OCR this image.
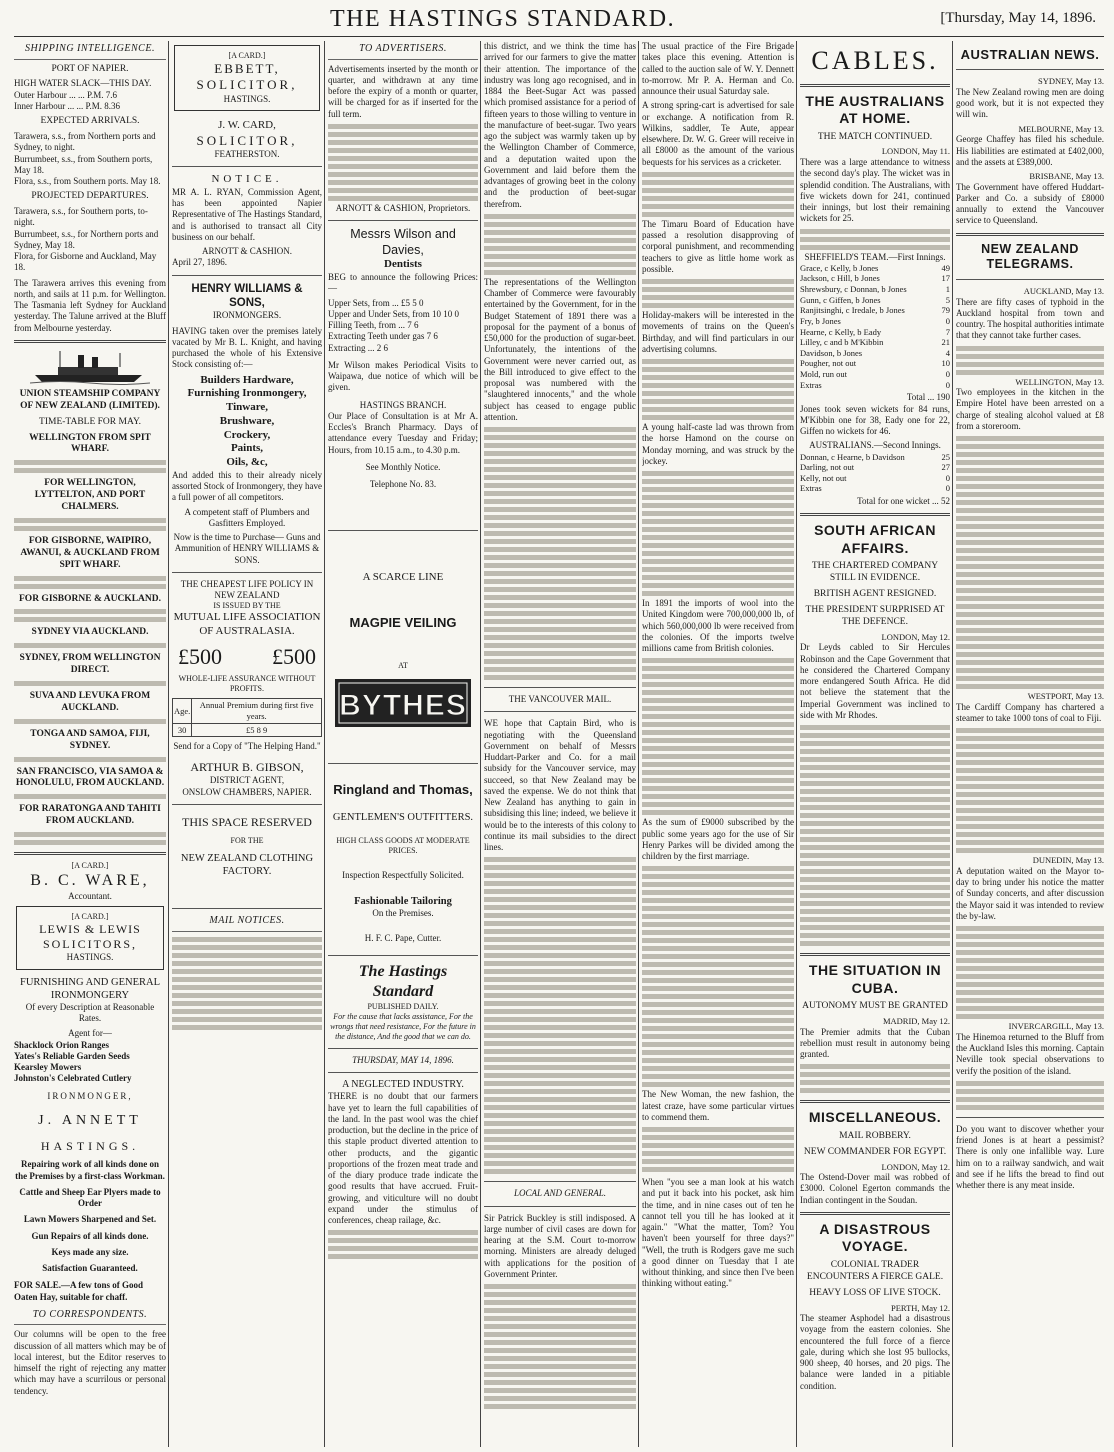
THE HASTINGS STANDARD.	[Thursday, May 14, 1896.
SHIPPING INTELLIGENCE.
PORT OF NAPIER.
HIGH WATER SLACK—THIS DAY.
Outer Harbour ... ... P.M. 7.6
Inner Harbour ... ... P.M. 8.36
EXPECTED ARRIVALS.
Tarawera, s.s., from Northern ports and Sydney, to night.
Burrumbeet, s.s., from Southern ports, May 18.
Flora, s.s., from Southern ports. May 18.
PROJECTED DEPARTURES.
Tarawera, s.s., for Southern ports, to-night.
Burrumbeet, s.s., for Northern ports and Sydney, May 18.
Flora, for Gisborne and Auckland, May 18.

The Tarawera arrives this evening from north, and sails at 11 p.m. for Wellington. The Tasmania left Sydney for Auckland yesterday. The Talune arrived at the Bluff from Melbourne yesterday.

UNION STEAMSHIP COMPANY OF NEW ZEALAND (LIMITED).
TIME-TABLE FOR MAY.
WELLINGTON FROM SPIT WHARF.
FOR WELLINGTON, LYTTELTON, AND PORT CHALMERS.
FOR GISBORNE, WAIPIRO, AWANUI, & AUCKLAND FROM SPIT WHARF.
FOR GISBORNE & AUCKLAND.
SYDNEY VIA AUCKLAND.
SYDNEY, FROM WELLINGTON DIRECT.
SUVA AND LEVUKA FROM AUCKLAND.
TONGA AND SAMOA, FIJI, SYDNEY.
SAN FRANCISCO, VIA SAMOA & HONOLULU, FROM AUCKLAND.
FOR RARATONGA AND TAHITI FROM AUCKLAND.
[A CARD.]
B. C. WARE,
Accountant.
[A CARD.]
LEWIS & LEWIS
SOLICITORS,
HASTINGS.
FURNISHING AND GENERAL IRONMONGERY
Of every Description at Reasonable Rates.
Agent for—
Shacklock Orion Ranges
Yates's Reliable Garden Seeds
Kearsley Mowers
Johnston's Celebrated Cutlery
IRONMONGER,
J. ANNETT
HASTINGS.
Repairing work of all kinds done on the Premises by a first-class Workman.
Cattle and Sheep Ear Plyers made to Order
Lawn Mowers Sharpened and Set.
Gun Repairs of all kinds done.
Keys made any size.
Satisfaction Guaranteed.
FOR SALE.—A few tons of Good Oaten Hay, suitable for chaff.
TO CORRESPONDENTS.

Our columns will be open to the free discussion of all matters which may be of local interest, but the Editor reserves to himself the right of rejecting any matter which may have a scurrilous or personal tendency.

[A CARD.]
EBBETT,
SOLICITOR,
HASTINGS.
J. W. CARD,
SOLICITOR,
FEATHERSTON.
NOTICE.

MR A. L. RYAN, Commission Agent, has been appointed Napier Representative of The Hastings Standard, and is authorised to transact all City business on our behalf.

ARNOTT & CASHION.
April 27, 1896.
HENRY WILLIAMS & SONS,
IRONMONGERS.

HAVING taken over the premises lately vacated by Mr B. L. Knight, and having purchased the whole of his Extensive Stock consisting of:—

Builders Hardware,
Furnishing Ironmongery,
Tinware,
Brushware,
Crockery,
Paints,
Oils, &c,

And added this to their already nicely assorted Stock of Ironmongery, they have a full power of all competitors.

A competent staff of Plumbers and Gasfitters Employed.

Now is the time to Purchase— Guns and Ammunition of HENRY WILLIAMS & SONS.

THE CHEAPEST LIFE POLICY IN NEW ZEALAND
IS ISSUED BY THE
MUTUAL LIFE ASSOCIATION OF AUSTRALASIA.
£500 £500
WHOLE-LIFE ASSURANCE WITHOUT PROFITS.
Age.	Annual Premium during first five years.
30	£5 8 9
Send for a Copy of "The Helping Hand."
ARTHUR B. GIBSON,
DISTRICT AGENT,
ONSLOW CHAMBERS, NAPIER.
THIS SPACE RESERVED
FOR THE
NEW ZEALAND CLOTHING FACTORY.
MAIL NOTICES.
TO ADVERTISERS.

Advertisements inserted by the month or quarter, and withdrawn at any time before the expiry of a month or quarter, will be charged for as if inserted for the full term.

ARNOTT & CASHION, Proprietors.
Messrs Wilson and Davies,
Dentists

BEG to announce the following Prices:—

Upper Sets, from ... £5 5 0
Upper and Under Sets, from 10 10 0
Filling Teeth, from ... 7 6
Extracting Teeth under gas 7 6
Extracting ... 2 6

Mr Wilson makes Periodical Visits to Waipawa, due notice of which will be given.

HASTINGS BRANCH.

Our Place of Consultation is at Mr A. Eccles's Branch Pharmacy. Days of attendance every Tuesday and Friday; Hours, from 10.15 a.m., to 4.30 p.m.

See Monthly Notice.
Telephone No. 83.
A SCARCE LINE
MAGPIE VEILING
AT
BYTHES
Ringland and Thomas,
GENTLEMEN'S OUTFITTERS.
HIGH CLASS GOODS AT MODERATE PRICES.
Inspection Respectfully Solicited.
Fashionable Tailoring
On the Premises.
H. F. C. Pape, Cutter.
The Hastings Standard
PUBLISHED DAILY.
For the cause that lacks assistance, For the wrongs that need resistance, For the future in the distance, And the good that we can do.
THURSDAY, MAY 14, 1896.
A NEGLECTED INDUSTRY.

THERE is no doubt that our farmers have yet to learn the full capabilities of the land. In the past wool was the chief production, but the decline in the price of this staple product diverted attention to other products, and the gigantic proportions of the frozen meat trade and of the diary produce trade indicate the good results that have accrued. Fruit-growing, and viticulture will no doubt expand under the stimulus of conferences, cheap railage, &c.

this district, and we think the time has arrived for our farmers to give the matter their attention. The importance of the industry was long ago recognised, and in 1884 the Beet-Sugar Act was passed which promised assistance for a period of fifteen years to those willing to venture in the manufacture of beet-sugar. Two years ago the subject was warmly taken up by the Wellington Chamber of Commerce, and a deputation waited upon the Government and laid before them the advantages of growing beet in the colony and the production of beet-sugar therefrom.

The representations of the Wellington Chamber of Commerce were favourably entertained by the Government, for in the Budget Statement of 1891 there was a proposal for the payment of a bonus of £50,000 for the production of sugar-beet. Unfortunately, the intentions of the Government were never carried out, as the Bill introduced to give effect to the proposal was numbered with the "slaughtered innocents," and the whole subject has ceased to engage public attention.

THE VANCOUVER MAIL.

WE hope that Captain Bird, who is negotiating with the Queensland Government on behalf of Messrs Huddart-Parker and Co. for a mail subsidy for the Vancouver service, may succeed, so that New Zealand may be saved the expense. We do not think that New Zealand has anything to gain in subsidising this line; indeed, we believe it would be to the interests of this colony to continue its mail subsidies to the direct lines.

LOCAL AND GENERAL.

Sir Patrick Buckley is still indisposed. A large number of civil cases are down for hearing at the S.M. Court to-morrow morning. Ministers are already deluged with applications for the position of Government Printer.

The usual practice of the Fire Brigade takes place this evening. Attention is called to the auction sale of W. Y. Dennett to-morrow. Mr P. A. Herman and Co. announce their usual Saturday sale.

A strong spring-cart is advertised for sale or exchange. A notification from R. Wilkins, saddler, Te Aute, appear elsewhere. Dr. W. G. Greer will receive in all £8000 as the amount of the various bequests for his services as a cricketer.

The Timaru Board of Education have passed a resolution disapproving of corporal punishment, and recommending teachers to give as little home work as possible.

Holiday-makers will be interested in the movements of trains on the Queen's Birthday, and will find particulars in our advertising columns.

A young half-caste lad was thrown from the horse Hamond on the course on Monday morning, and was struck by the jockey.

In 1891 the imports of wool into the United Kingdom were 700,000,000 lb, of which 560,000,000 lb were received from the colonies. Of the imports twelve millions came from British colonies.

As the sum of £9000 subscribed by the public some years ago for the use of Sir Henry Parkes will be divided among the children by the first marriage.

The New Woman, the new fashion, the latest craze, have some particular virtues to commend them.

When "you see a man look at his watch and put it back into his pocket, ask him the time, and in nine cases out of ten he cannot tell you till he has looked at it again." "What the matter, Tom? You haven't been yourself for three days?" "Well, the truth is Rodgers gave me such a good dinner on Tuesday that I ate without thinking, and since then I've been thinking without eating."

CABLES.
THE AUSTRALIANS AT HOME.
THE MATCH CONTINUED.
LONDON, May 11.

There was a large attendance to witness the second day's play. The wicket was in splendid condition. The Australians, with five wickets down for 241, continued their innings, but lost their remaining wickets for 25.

SHEFFIELD'S TEAM.—First Innings.
Grace, c Kelly, b Jones	49
Jackson, c Hill, b Jones	17
Shrewsbury, c Donnan, b Jones	1
Gunn, c Giffen, b Jones	5
Ranjitsinghi, c Iredale, b Jones	79
Fry, b Jones	0
Hearne, c Kelly, b Eady	7
Lilley, c and b M'Kibbin	21
Davidson, b Jones	4
Pougher, not out	10
Mold, run out	0
Extras	0
Total ... 190

Jones took seven wickets for 84 runs, M'Kibbin one for 38, Eady one for 22, Giffen no wickets for 46.

AUSTRALIANS.—Second Innings.
Donnan, c Hearne, b Davidson	25
Darling, not out	27
Kelly, not out	0
Extras	0
Total for one wicket ... 52
SOUTH AFRICAN AFFAIRS.
THE CHARTERED COMPANY STILL IN EVIDENCE.
BRITISH AGENT RESIGNED.
THE PRESIDENT SURPRISED AT THE DEFENCE.
LONDON, May 12.

Dr Leyds cabled to Sir Hercules Robinson and the Cape Government that he considered the Chartered Company more endangered South Africa. He did not believe the statement that the Imperial Government was inclined to side with Mr Rhodes.

THE SITUATION IN CUBA.
AUTONOMY MUST BE GRANTED
MADRID, May 12.

The Premier admits that the Cuban rebellion must result in autonomy being granted.

MISCELLANEOUS.
MAIL ROBBERY.
NEW COMMANDER FOR EGYPT.
LONDON, May 12.

The Ostend-Dover mail was robbed of £3000. Colonel Egerton commands the Indian contingent in the Soudan.

A DISASTROUS VOYAGE.
COLONIAL TRADER ENCOUNTERS A FIERCE GALE.
HEAVY LOSS OF LIVE STOCK.
PERTH, May 12.

The steamer Asphodel had a disastrous voyage from the eastern colonies. She encountered the full force of a fierce gale, during which she lost 95 bullocks, 900 sheep, 40 horses, and 20 pigs. The balance were landed in a pitiable condition.

AUSTRALIAN NEWS.
SYDNEY, May 13.

The New Zealand rowing men are doing good work, but it is not expected they will win.

MELBOURNE, May 13.

George Chaffey has filed his schedule. His liabilities are estimated at £402,000, and the assets at £389,000.

BRISBANE, May 13.

The Government have offered Huddart-Parker and Co. a subsidy of £8000 annually to extend the Vancouver service to Queensland.

NEW ZEALAND TELEGRAMS.
AUCKLAND, May 13.

There are fifty cases of typhoid in the Auckland hospital from town and country. The hospital authorities intimate that they cannot take further cases.

WELLINGTON, May 13.

Two employees in the kitchen in the Empire Hotel have been arrested on a charge of stealing alcohol valued at £8 from a storeroom.

WESTPORT, May 13.

The Cardiff Company has chartered a steamer to take 1000 tons of coal to Fiji.

DUNEDIN, May 13.

A deputation waited on the Mayor to-day to bring under his notice the matter of Sunday concerts, and after discussion the Mayor said it was intended to review the by-law.

INVERCARGILL, May 13.

The Hinemoa returned to the Bluff from the Auckland Isles this morning. Captain Neville took special observations to verify the position of the island.

Do you want to discover whether your friend Jones is at heart a pessimist? There is only one infallible way. Lure him on to a railway sandwich, and wait and see if he lifts the bread to find out whether there is any meat inside.
